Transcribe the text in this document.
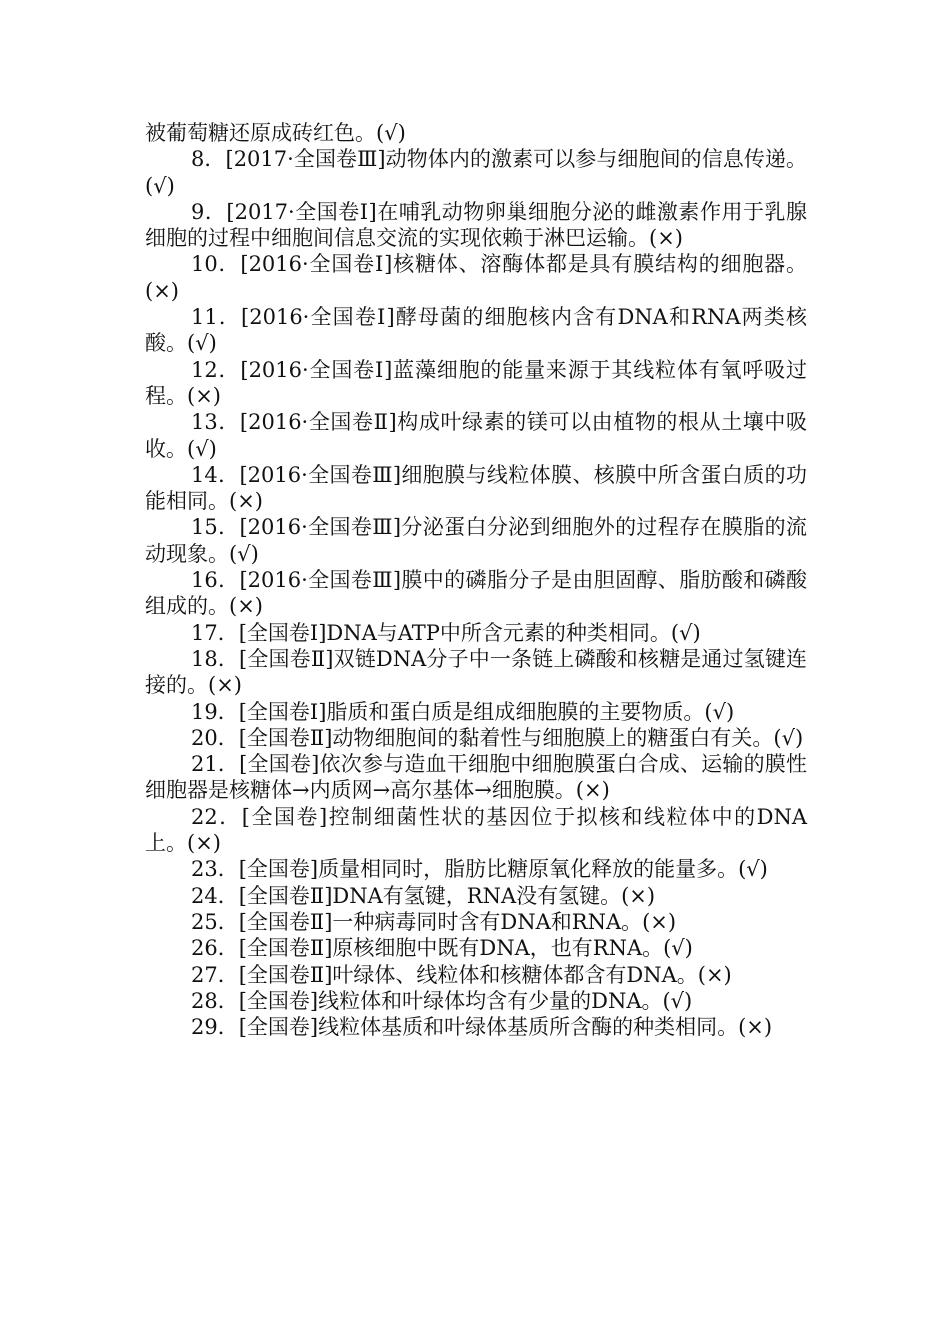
被葡萄糖还原成砖红色。(√)

8．[2017·全国卷Ⅲ]动物体内的激素可以参与细胞间的信息传递。(√)

9．[2017·全国卷Ⅰ]在哺乳动物卵巢细胞分泌的雌激素作用于乳腺细胞的过程中细胞间信息交流的实现依赖于淋巴运输。(×)

10．[2016·全国卷Ⅰ]核糖体、溶酶体都是具有膜结构的细胞器。(×)

11．[2016·全国卷Ⅰ]酵母菌的细胞核内含有DNA和RNA两类核酸。(√)

12．[2016·全国卷Ⅰ]蓝藻细胞的能量来源于其线粒体有氧呼吸过程。(×)

13．[2016·全国卷Ⅱ]构成叶绿素的镁可以由植物的根从土壤中吸收。(√)

14．[2016·全国卷Ⅲ]细胞膜与线粒体膜、核膜中所含蛋白质的功能相同。(×)

15．[2016·全国卷Ⅲ]分泌蛋白分泌到细胞外的过程存在膜脂的流动现象。(√)

16．[2016·全国卷Ⅲ]膜中的磷脂分子是由胆固醇、脂肪酸和磷酸组成的。(×)

17．[全国卷Ⅰ]DNA与ATP中所含元素的种类相同。(√)

18．[全国卷Ⅱ]双链DNA分子中一条链上磷酸和核糖是通过氢键连接的。(×)

19．[全国卷Ⅰ]脂质和蛋白质是组成细胞膜的主要物质。(√)

20．[全国卷Ⅱ]动物细胞间的黏着性与细胞膜上的糖蛋白有关。(√)

21．[全国卷]依次参与造血干细胞中细胞膜蛋白合成、运输的膜性细胞器是核糖体→内质网→高尔基体→细胞膜。(×)

22．[全国卷]控制细菌性状的基因位于拟核和线粒体中的DNA上。(×)

23．[全国卷]质量相同时，脂肪比糖原氧化释放的能量多。(√)

24．[全国卷Ⅱ]DNA有氢键，RNA没有氢键。(×)

25．[全国卷Ⅱ]一种病毒同时含有DNA和RNA。(×)

26．[全国卷Ⅱ]原核细胞中既有DNA，也有RNA。(√)

27．[全国卷Ⅱ]叶绿体、线粒体和核糖体都含有DNA。(×)

28．[全国卷]线粒体和叶绿体均含有少量的DNA。(√)

29．[全国卷]线粒体基质和叶绿体基质所含酶的种类相同。(×)
